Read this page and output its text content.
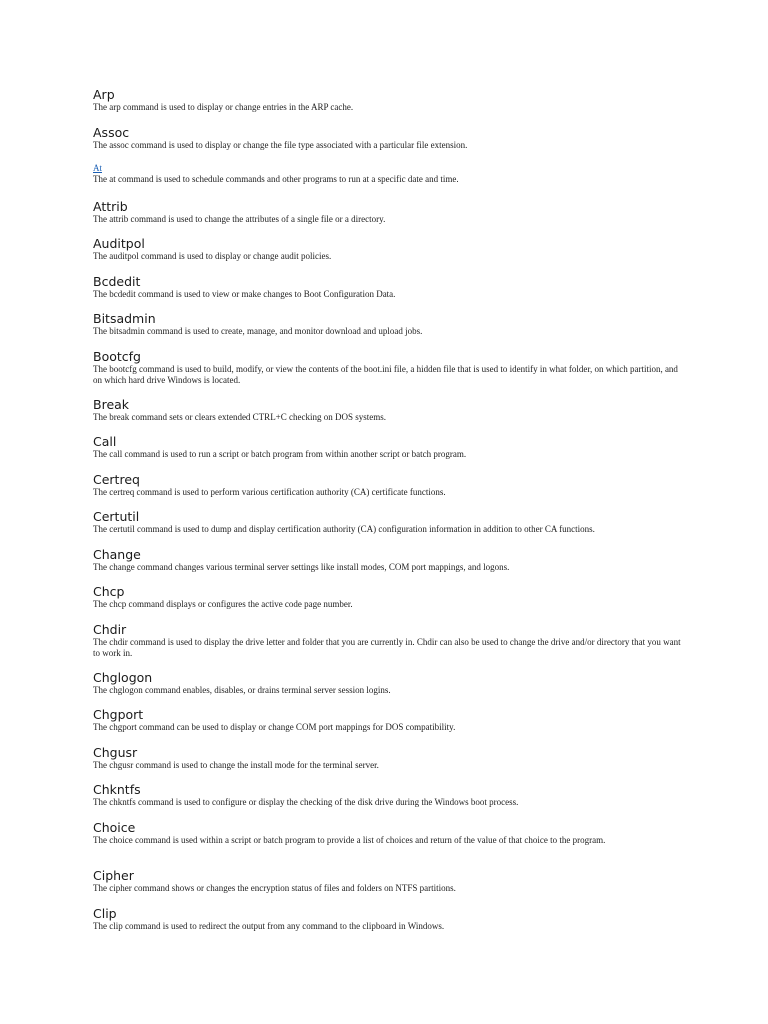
Arp
The arp command is used to display or change entries in the ARP cache.
Assoc
The assoc command is used to display or change the file type associated with a particular file extension.
At
The at command is used to schedule commands and other programs to run at a specific date and time.
Attrib
The attrib command is used to change the attributes of a single file or a directory.
Auditpol
The auditpol command is used to display or change audit policies.
Bcdedit
The bcdedit command is used to view or make changes to Boot Configuration Data.
Bitsadmin
The bitsadmin command is used to create, manage, and monitor download and upload jobs.
Bootcfg
The bootcfg command is used to build, modify, or view the contents of the boot.ini file, a hidden file that is used to identify in what folder, on which partition, and on which hard drive Windows is located.
Break
The break command sets or clears extended CTRL+C checking on DOS systems.
Call
The call command is used to run a script or batch program from within another script or batch program.
Certreq
The certreq command is used to perform various certification authority (CA) certificate functions.
Certutil
The certutil command is used to dump and display certification authority (CA) configuration information in addition to other CA functions.
Change
The change command changes various terminal server settings like install modes, COM port mappings, and logons.
Chcp
The chcp command displays or configures the active code page number.
Chdir
The chdir command is used to display the drive letter and folder that you are currently in. Chdir can also be used to change the drive and/or directory that you want to work in.
Chglogon
The chglogon command enables, disables, or drains terminal server session logins.
Chgport
The chgport command can be used to display or change COM port mappings for DOS compatibility.
Chgusr
The chgusr command is used to change the install mode for the terminal server.
Chkntfs
The chkntfs command is used to configure or display the checking of the disk drive during the Windows boot process.
Choice
The choice command is used within a script or batch program to provide a list of choices and return of the value of that choice to the program.
Cipher
The cipher command shows or changes the encryption status of files and folders on NTFS partitions.
Clip
The clip command is used to redirect the output from any command to the clipboard in Windows.
